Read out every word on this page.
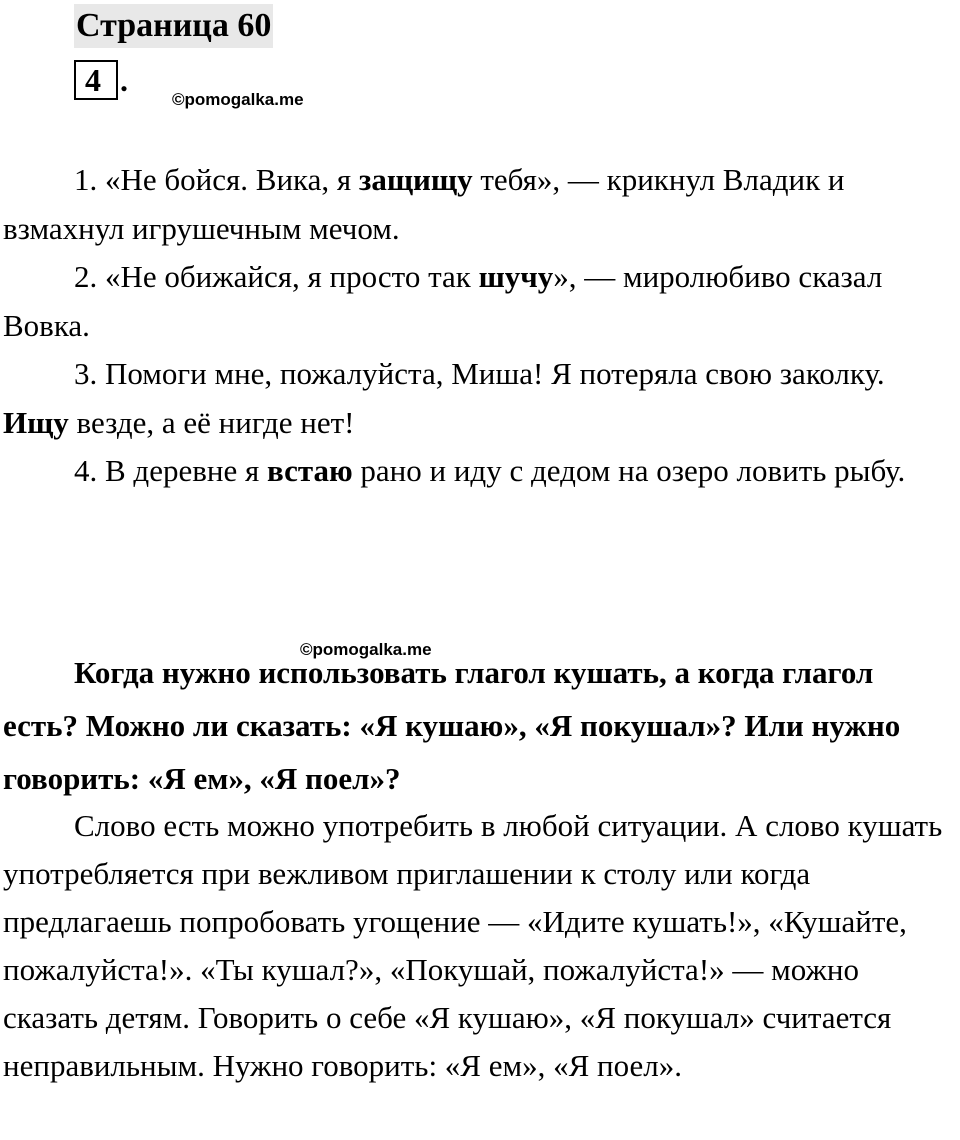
Страница 60
4 .
©pomogalka.me

1. «Не бойся. Вика, я защищу тебя», — крикнул Владик и взмахнул игрушечным мечом.

2. «Не обижайся, я просто так шучу», — миролюбиво сказал Вовка.

3. Помоги мне, пожалуйста, Миша! Я потеряла свою заколку. Ищу везде, а её нигде нет!

4. В деревне я встаю рано и иду с дедом на озеро ловить рыбу.

Когда нужно использовать глагол кушать, а когда глагол есть? Можно ли сказать: «Я кушаю», «Я покушал»? Или нужно говорить: «Я ем», «Я поел»?

©pomogalka.me

Слово есть можно употребить в любой ситуации. А слово кушать употребляется при вежливом приглашении к столу или когда предлагаешь попробовать угощение — «Идите кушать!», «Кушайте, пожалуйста!». «Ты кушал?», «Покушай, пожалуйста!» — можно сказать детям. Говорить о себе «Я кушаю», «Я покушал» считается неправильным. Нужно говорить: «Я ем», «Я поел».
